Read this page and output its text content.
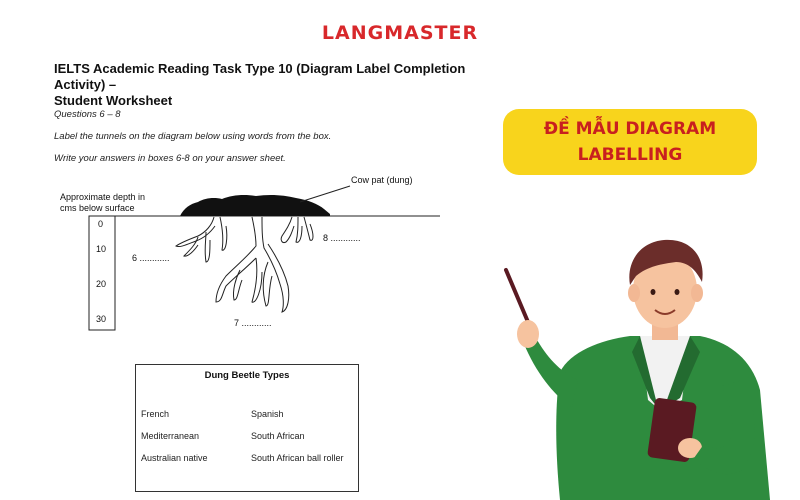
LANGMASTER
IELTS Academic Reading Task Type 10 (Diagram Label Completion Activity) –
Student Worksheet
Questions 6 – 8
Label the tunnels on the diagram below using words from the box.
Write your answers in boxes 6-8 on your answer sheet.
Approximate depth in
cms below surface
0
10
20
30
Cow pat (dung)
6 ............
7 ............
8 ............
Dung Beetle Types
French	Spanish
Mediterranean	South African
Australian native	South African ball roller
ĐỀ MẪU DIAGRAM
LABELLING
